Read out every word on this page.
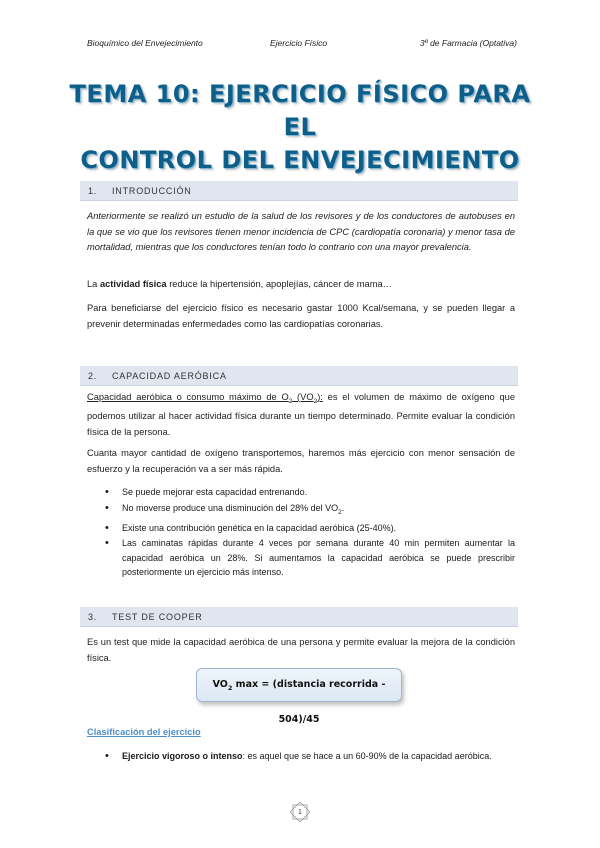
Bioquímico del Envejecimiento	Ejercicio Físico	3º de Farmacia (Optativa)
TEMA 10: EJERCICIO FÍSICO PARA EL
CONTROL DEL ENVEJECIMIENTO
1. INTRODUCCIÓN
Anteriormente se realizó un estudio de la salud de los revisores y de los conductores de autobuses en la que se vio que los revisores tienen menor incidencia de CPC (cardiopatía coronaria) y menor tasa de mortalidad, mientras que los conductores tenían todo lo contrario con una mayor prevalencia.
La actividad física reduce la hipertensión, apoplejías, cáncer de mama…
Para beneficiarse del ejercicio físico es necesario gastar 1000 Kcal/semana, y se pueden llegar a prevenir determinadas enfermedades como las cardiopatías coronarias.
2. CAPACIDAD AERÓBICA
Capacidad aeróbica o consumo máximo de $O_2$ $(VO_2)$: es el volumen de máximo de oxígeno que podemos utilizar al hacer actividad física durante un tiempo determinado. Permite evaluar la condición física de la persona.
Cuanta mayor cantidad de oxígeno transportemos, haremos más ejercicio con menor sensación de esfuerzo y la recuperación va a ser más rápida.
• Se puede mejorar esta capacidad entrenando.
• No moverse produce una disminución del 28% del $VO_2$.
• Existe una contribución genética en la capacidad aeróbica (25-40%).
• Las caminatas rápidas durante 4 veces por semana durante 40 min permiten aumentar la capacidad aeróbica un 28%. Si aumentamos la capacidad aeróbica se puede prescribir posteriormente un ejercicio más intenso.
3. TEST DE COOPER
Es un test que mide la capacidad aeróbica de una persona y permite evaluar la mejora de la condición física.
$VO_2$ max = (distancia recorrida - 504)/45
Clasificación del ejercicio
• Ejercicio vigoroso o intenso: es aquel que se hace a un 60-90% de la capacidad aeróbica.
1
